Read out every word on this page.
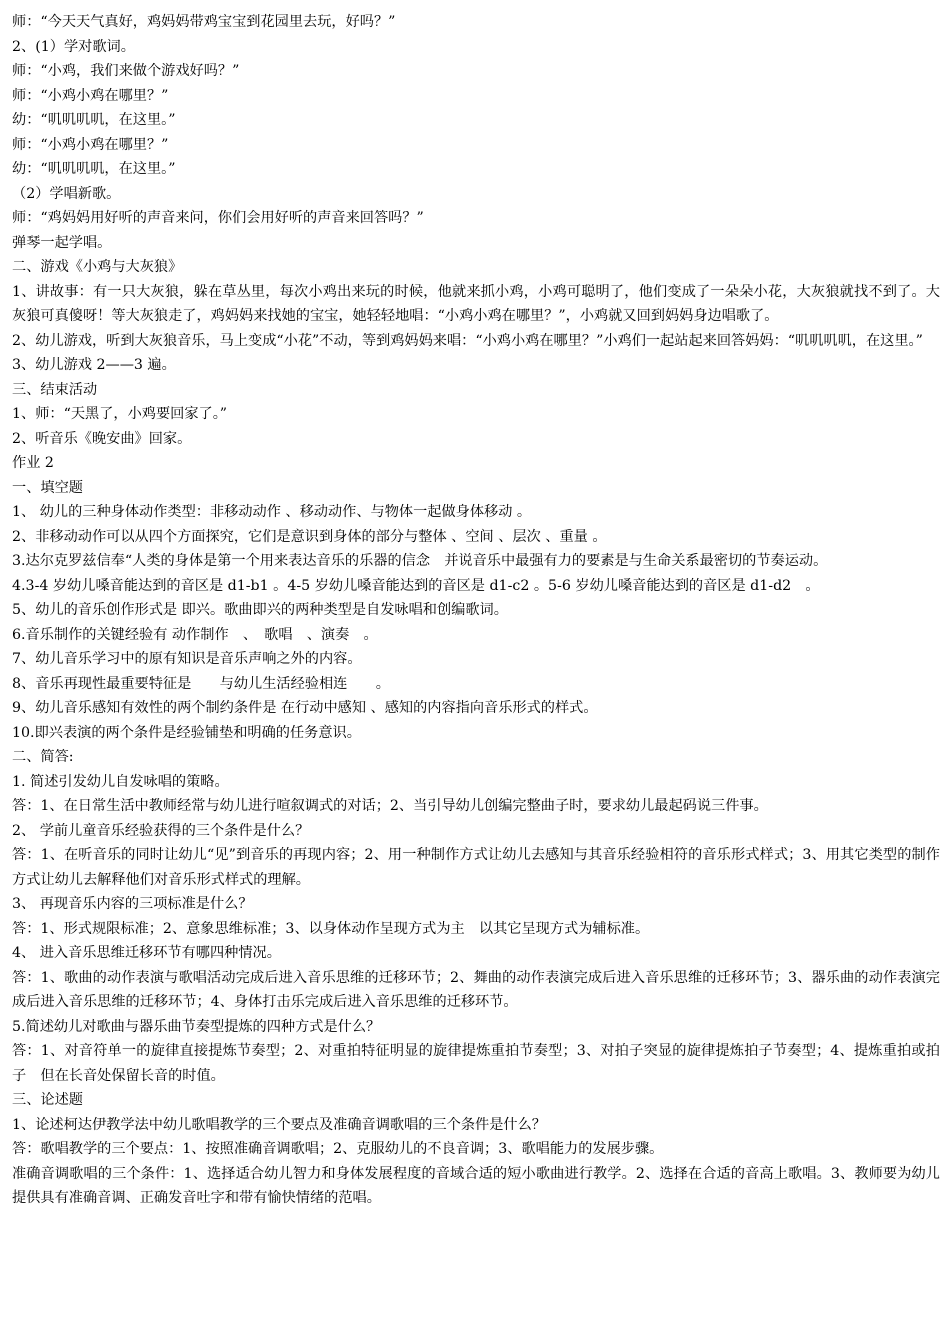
师：“今天天气真好，鸡妈妈带鸡宝宝到花园里去玩，好吗？”

2、(1）学对歌词。

师：“小鸡，我们来做个游戏好吗？”

师：“小鸡小鸡在哪里？”

幼：“叽叽叽叽，在这里。”

师：“小鸡小鸡在哪里？”

幼：“叽叽叽叽，在这里。”

（2）学唱新歌。

师：“鸡妈妈用好听的声音来问，你们会用好听的声音来回答吗？”

弹琴一起学唱。

二、游戏《小鸡与大灰狼》

1、讲故事：有一只大灰狼，躲在草丛里，每次小鸡出来玩的时候，他就来抓小鸡，小鸡可聪明了，他们变成了一朵朵小花，大灰狼就找不到了。大灰狼可真傻呀！等大灰狼走了，鸡妈妈来找她的宝宝，她轻轻地唱：“小鸡小鸡在哪里？”，小鸡就又回到妈妈身边唱歌了。

2、幼儿游戏，听到大灰狼音乐，马上变成“小花”不动，等到鸡妈妈来唱：“小鸡小鸡在哪里？”小鸡们一起站起来回答妈妈：“叽叽叽叽，在这里。”

3、幼儿游戏 2——3 遍。

三、结束活动

1、师：“天黑了，小鸡要回家了。”

2、听音乐《晚安曲》回家。

作业 2

一、填空题

1、 幼儿的三种身体动作类型：非移动动作 、移动动作、与物体一起做身体移动 。

2、非移动动作可以从四个方面探究，它们是意识到身体的部分与整体 、空间 、层次 、重量 。

3.达尔克罗兹信奉“人类的身体是第一个用来表达音乐的乐器的信念　并说音乐中最强有力的要素是与生命关系最密切的节奏运动。

4.3-4 岁幼儿嗓音能达到的音区是 d1-b1 。4-5 岁幼儿嗓音能达到的音区是 d1-c2 。5-6 岁幼儿嗓音能达到的音区是 d1-d2　。

5、幼儿的音乐创作形式是 即兴。歌曲即兴的两种类型是自发咏唱和创编歌词。

6.音乐制作的关键经验有 动作制作　、　歌唱　、演奏　。

7、幼儿音乐学习中的原有知识是音乐声响之外的内容。

8、音乐再现性最重要特征是　　与幼儿生活经验相连　　。

9、幼儿音乐感知有效性的两个制约条件是 在行动中感知 、感知的内容指向音乐形式的样式。

10.即兴表演的两个条件是经验铺垫和明确的任务意识。

二、简答:

1. 简述引发幼儿自发咏唱的策略。

答：1、在日常生活中教师经常与幼儿进行喧叙调式的对话；2、当引导幼儿创编完整曲子时，要求幼儿最起码说三件事。

2、 学前儿童音乐经验获得的三个条件是什么？

答：1、在听音乐的同时让幼儿“见”到音乐的再现内容；2、用一种制作方式让幼儿去感知与其音乐经验相符的音乐形式样式；3、用其它类型的制作方式让幼儿去解释他们对音乐形式样式的理解。

3、 再现音乐内容的三项标准是什么？

答：1、形式规限标准；2、意象思维标准；3、以身体动作呈现方式为主　以其它呈现方式为辅标准。

4、 进入音乐思维迁移环节有哪四种情况。

答：1、歌曲的动作表演与歌唱活动完成后进入音乐思维的迁移环节；2、舞曲的动作表演完成后进入音乐思维的迁移环节；3、器乐曲的动作表演完成后进入音乐思维的迁移环节；4、身体打击乐完成后进入音乐思维的迁移环节。

5.简述幼儿对歌曲与器乐曲节奏型提炼的四种方式是什么？

答：1、对音符单一的旋律直接提炼节奏型；2、对重拍特征明显的旋律提炼重拍节奏型；3、对拍子突显的旋律提炼拍子节奏型；4、提炼重拍或拍子　但在长音处保留长音的时值。

三、论述题

1、论述柯达伊教学法中幼儿歌唱教学的三个要点及准确音调歌唱的三个条件是什么？

答：歌唱教学的三个要点：1、按照准确音调歌唱；2、克服幼儿的不良音调；3、歌唱能力的发展步骤。

准确音调歌唱的三个条件：1、选择适合幼儿智力和身体发展程度的音域合适的短小歌曲进行教学。2、选择在合适的音高上歌唱。3、教师要为幼儿提供具有准确音调、正确发音吐字和带有愉快情绪的范唱。
